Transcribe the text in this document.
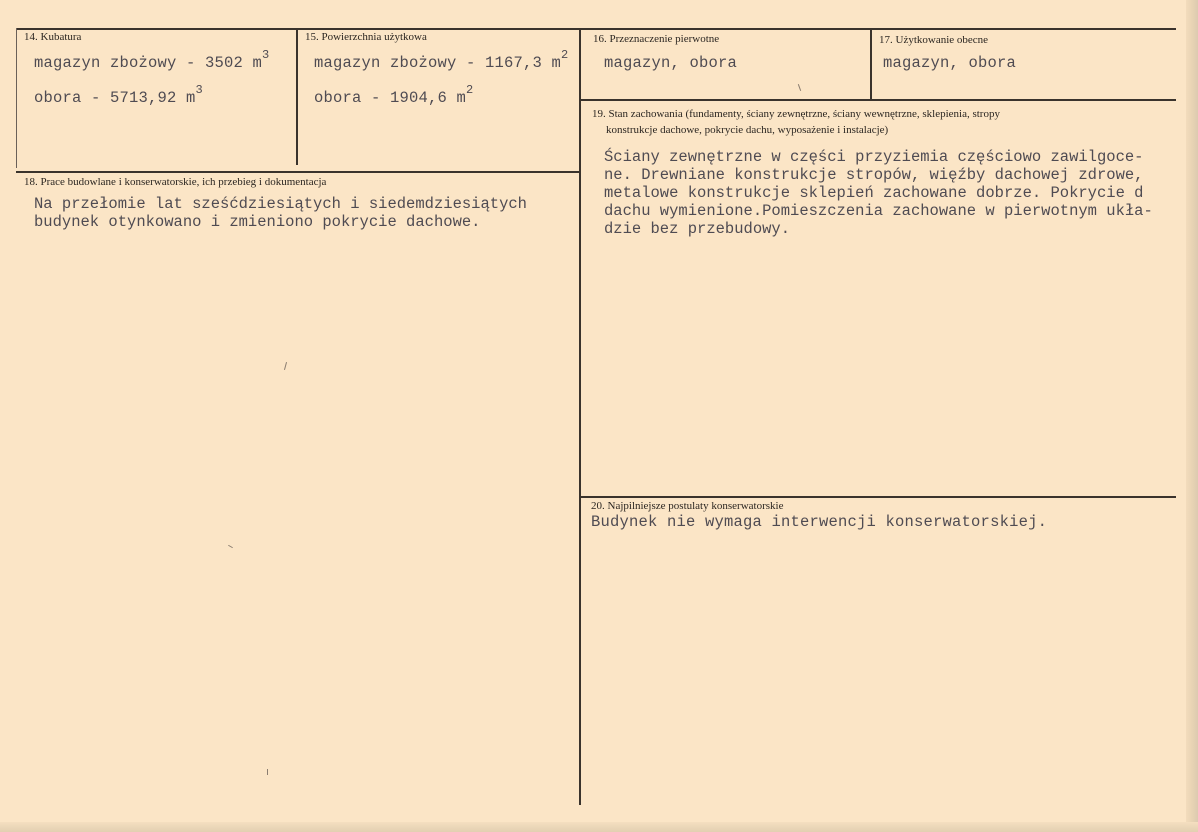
14. Kubatura
magazyn zbożowy - 3502 $m^3$
obora - 5713,92 $m^3$
15. Powierzchnia użytkowa
magazyn zbożowy - 1167,3 $m^2$
obora - 1904,6 $m^2$
16. Przeznaczenie pierwotne
magazyn, obora
17. Użytkowanie obecne
magazyn, obora
19. Stan zachowania (fundamenty, ściany zewnętrzne, ściany wewnętrzne, sklepienia, stropy
konstrukcje dachowe, pokrycie dachu, wyposażenie i instalacje)
Ściany zewnętrzne w części przyziemia częściowo zawilgoce-
ne. Drewniane konstrukcje stropów, więźby dachowej zdrowe,
metalowe konstrukcje sklepień zachowane dobrze. Pokrycie d
dachu wymienione.Pomieszczenia zachowane w pierwotnym ukła-
dzie bez przebudowy.
18. Prace budowlane i konserwatorskie, ich przebieg i dokumentacja
Na przełomie lat sześćdziesiątych i siedemdziesiątych
budynek otynkowano i zmieniono pokrycie dachowe.
20. Najpilniejsze postulaty konserwatorskie
Budynek nie wymaga interwencji konserwatorskiej.
